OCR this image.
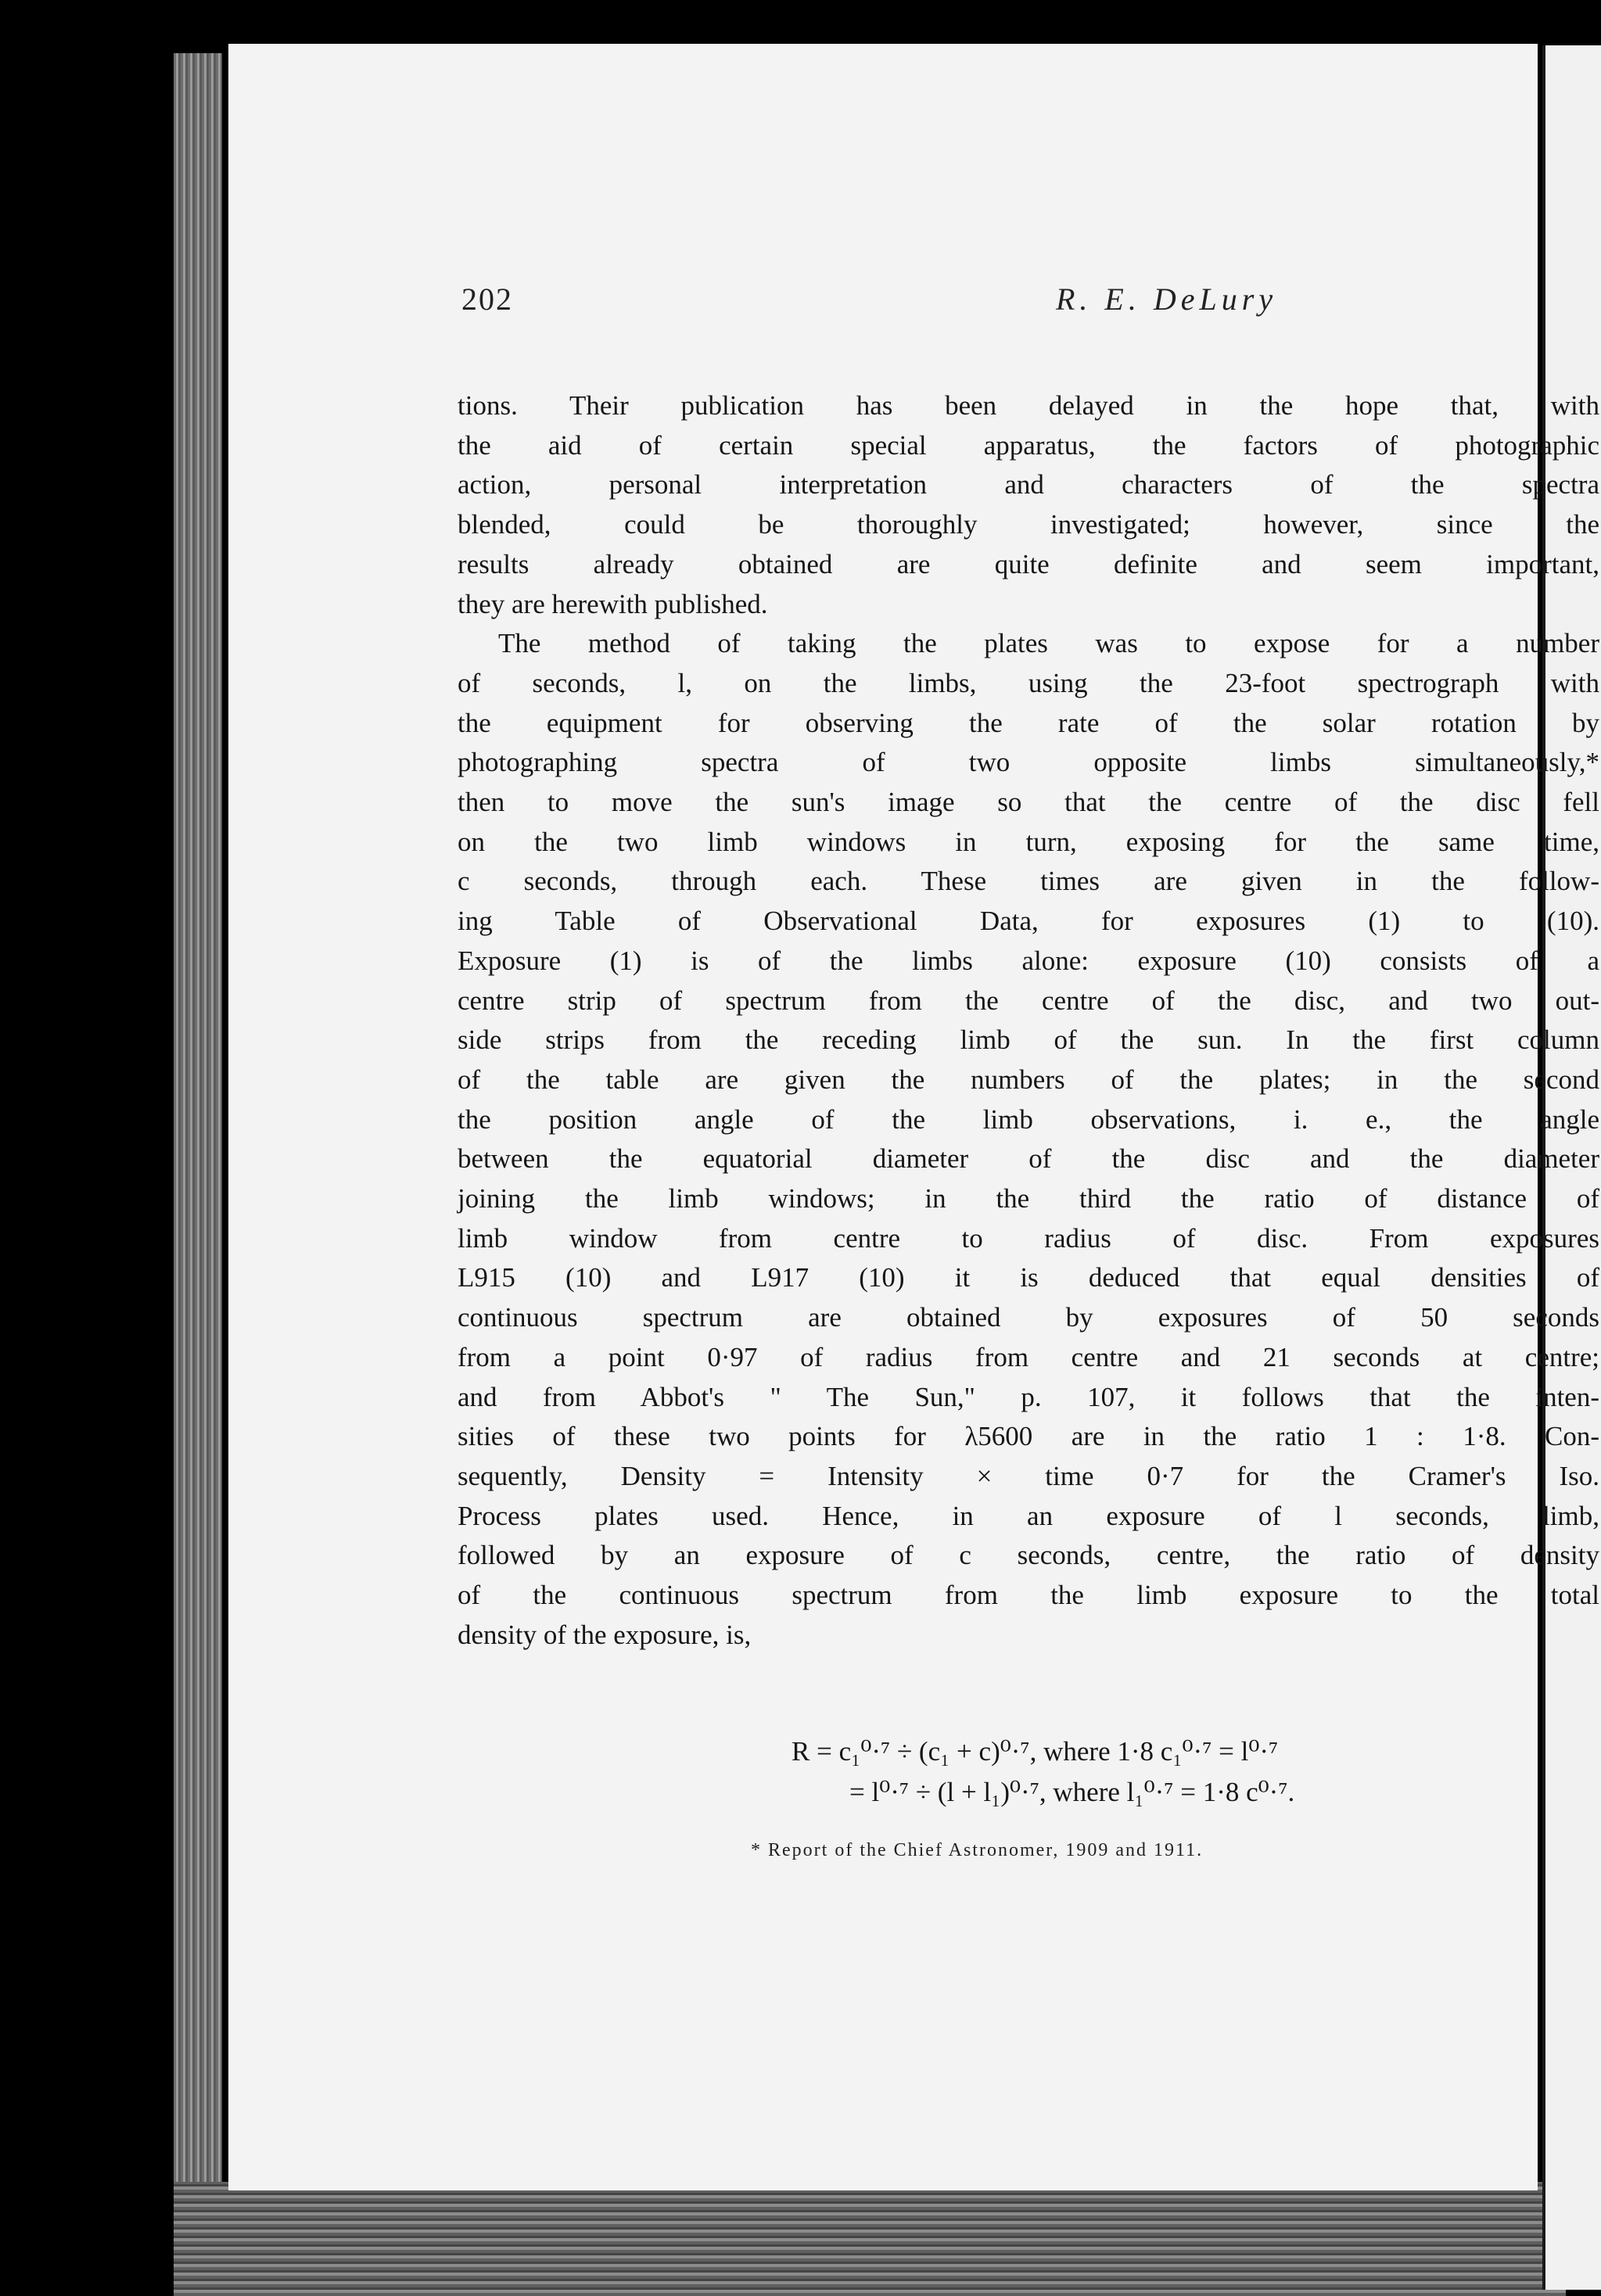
202	R. E. DeLury

tions. Their publication has been delayed in the hope that, with
the aid of certain special apparatus, the factors of photographic
action, personal interpretation and characters of the spectra
blended, could be thoroughly investigated; however, since the
results already obtained are quite definite and seem important,
they are herewith published.

The method of taking the plates was to expose for a number
of seconds, l, on the limbs, using the 23-foot spectrograph with
the equipment for observing the rate of the solar rotation by
photographing spectra of two opposite limbs simultaneously,*
then to move the sun's image so that the centre of the disc fell
on the two limb windows in turn, exposing for the same time,
c seconds, through each. These times are given in the follow-
ing Table of Observational Data, for exposures (1) to (10).
Exposure (1) is of the limbs alone: exposure (10) consists of a
centre strip of spectrum from the centre of the disc, and two out-
side strips from the receding limb of the sun. In the first column
of the table are given the numbers of the plates; in the second
the position angle of the limb observations, i. e., the angle
between the equatorial diameter of the disc and the diameter
joining the limb windows; in the third the ratio of distance of
limb window from centre to radius of disc. From exposures
L915 (10) and L917 (10) it is deduced that equal densities of
continuous spectrum are obtained by exposures of 50 seconds
from a point 0·97 of radius from centre and 21 seconds at centre;
and from Abbot's " The Sun," p. 107, it follows that the inten-
sities of these two points for λ5600 are in the ratio 1 : 1·8. Con-
sequently, Density = Intensity × time 0·7 for the Cramer's Iso.
Process plates used. Hence, in an exposure of l seconds, limb,
followed by an exposure of c seconds, centre, the ratio of density
of the continuous spectrum from the limb exposure to the total
density of the exposure, is,

R = c₁⁰·⁷ ÷ (c₁ + c)⁰·⁷, where 1·8 c₁⁰·⁷ = l⁰·⁷
= l⁰·⁷ ÷ (l + l₁)⁰·⁷, where l₁⁰·⁷ = 1·8 c⁰·⁷.
* Report of the Chief Astronomer, 1909 and 1911.
